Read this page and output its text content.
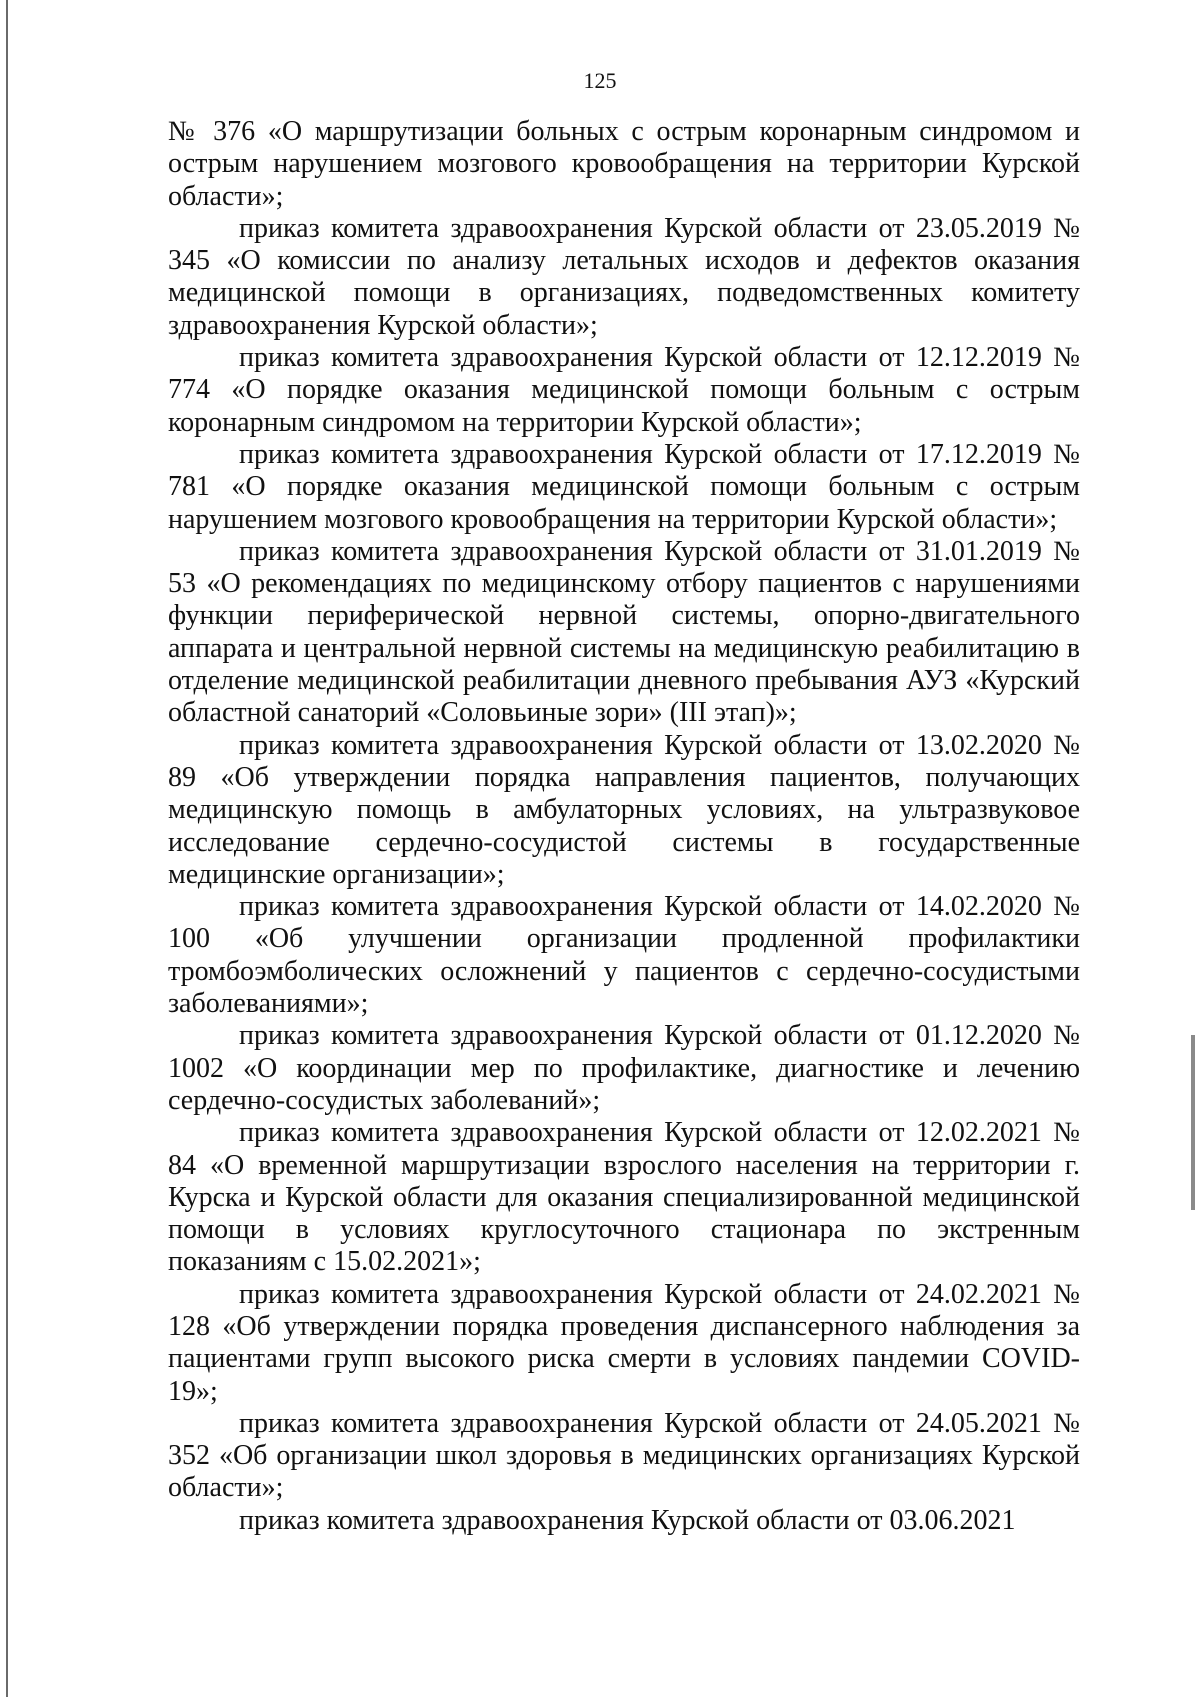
125

№ 376 «О маршрутизации больных с острым коронарным синдромом и острым нарушением мозгового кровообращения на территории Курской области»;

приказ комитета здравоохранения Курской области от 23.05.2019 № 345 «О комиссии по анализу летальных исходов и дефектов оказания медицинской помощи в организациях, подведомственных комитету здравоохранения Курской области»;

приказ комитета здравоохранения Курской области от 12.12.2019 № 774 «О порядке оказания медицинской помощи больным с острым коронарным синдромом на территории Курской области»;

приказ комитета здравоохранения Курской области от 17.12.2019 № 781 «О порядке оказания медицинской помощи больным с острым нарушением мозгового кровообращения на территории Курской области»;

приказ комитета здравоохранения Курской области от 31.01.2019 № 53 «О рекомендациях по медицинскому отбору пациентов с нарушениями функции периферической нервной системы, опорно-двигательного аппарата и центральной нервной системы на медицинскую реабилитацию в отделение медицинской реабилитации дневного пребывания АУЗ «Курский областной санаторий «Соловьиные зори» (III этап)»;

приказ комитета здравоохранения Курской области от 13.02.2020 № 89 «Об утверждении порядка направления пациентов, получающих медицинскую помощь в амбулаторных условиях, на ультразвуковое исследование сердечно-сосудистой системы в государственные медицинские организации»;

приказ комитета здравоохранения Курской области от 14.02.2020 № 100 «Об улучшении организации продленной профилактики тромбоэмболических осложнений у пациентов с сердечно-сосудистыми заболеваниями»;

приказ комитета здравоохранения Курской области от 01.12.2020 № 1002 «О координации мер по профилактике, диагностике и лечению сердечно-сосудистых заболеваний»;

приказ комитета здравоохранения Курской области от 12.02.2021 № 84 «О временной маршрутизации взрослого населения на территории г. Курска и Курской области для оказания специализированной медицинской помощи в условиях круглосуточного стационара по экстренным показаниям с 15.02.2021»;

приказ комитета здравоохранения Курской области от 24.02.2021 № 128 «Об утверждении порядка проведения диспансерного наблюдения за пациентами групп высокого риска смерти в условиях пандемии COVID-19»;

приказ комитета здравоохранения Курской области от 24.05.2021 № 352 «Об организации школ здоровья в медицинских организациях Курской области»;

приказ комитета здравоохранения Курской области от 03.06.2021
